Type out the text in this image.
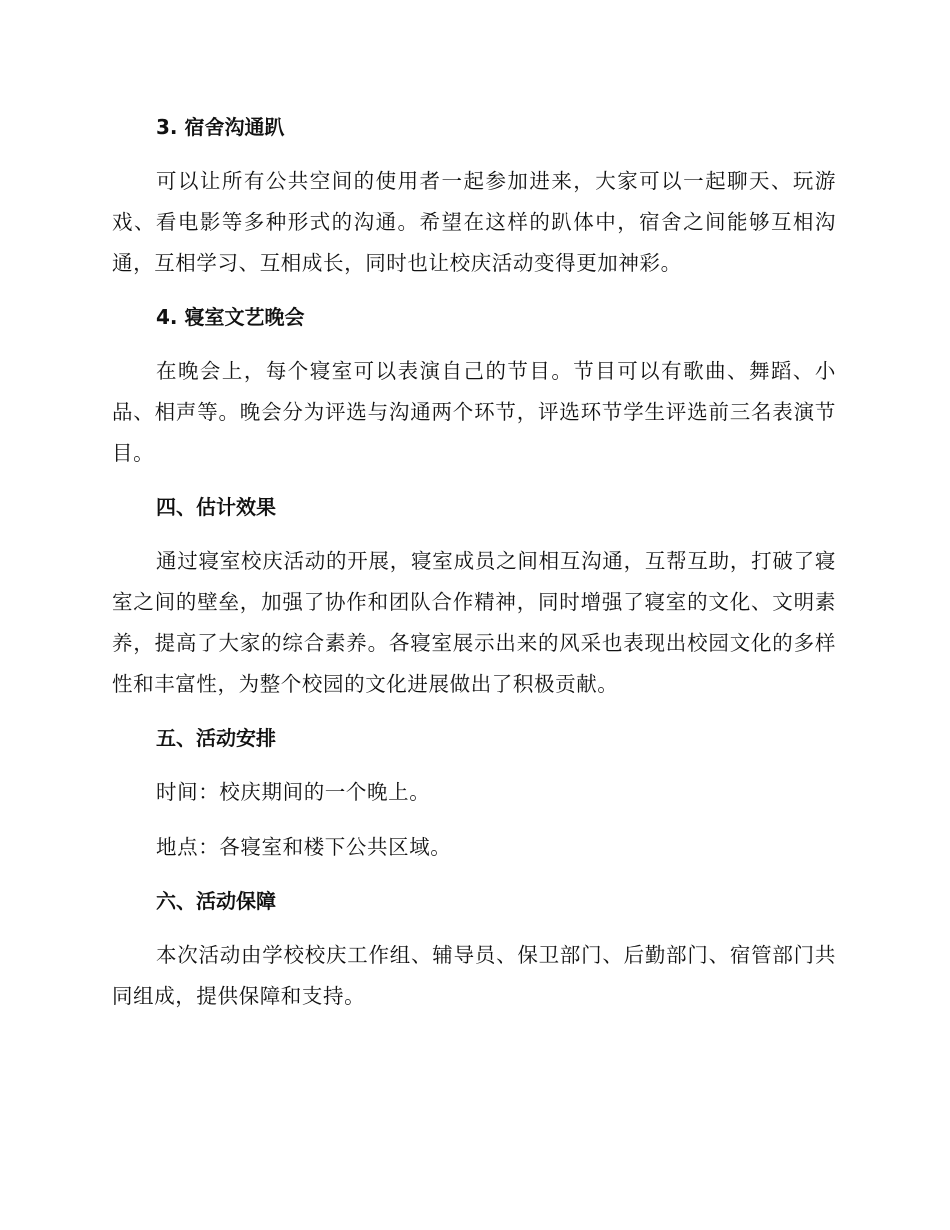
3. 宿舍沟通趴
可以让所有公共空间的使用者一起参加进来，大家可以一起聊天、玩游戏、看电影等多种形式的沟通。希望在这样的趴体中，宿舍之间能够互相沟通，互相学习、互相成长，同时也让校庆活动变得更加神彩。
4. 寝室文艺晚会
在晚会上，每个寝室可以表演自己的节目。节目可以有歌曲、舞蹈、小品、相声等。晚会分为评选与沟通两个环节，评选环节学生评选前三名表演节目。
四、估计效果
通过寝室校庆活动的开展，寝室成员之间相互沟通，互帮互助，打破了寝室之间的壁垒，加强了协作和团队合作精神，同时增强了寝室的文化、文明素养，提高了大家的综合素养。各寝室展示出来的风采也表现出校园文化的多样性和丰富性，为整个校园的文化进展做出了积极贡献。
五、活动安排
时间：校庆期间的一个晚上。
地点：各寝室和楼下公共区域。
六、活动保障
本次活动由学校校庆工作组、辅导员、保卫部门、后勤部门、宿管部门共同组成，提供保障和支持。
